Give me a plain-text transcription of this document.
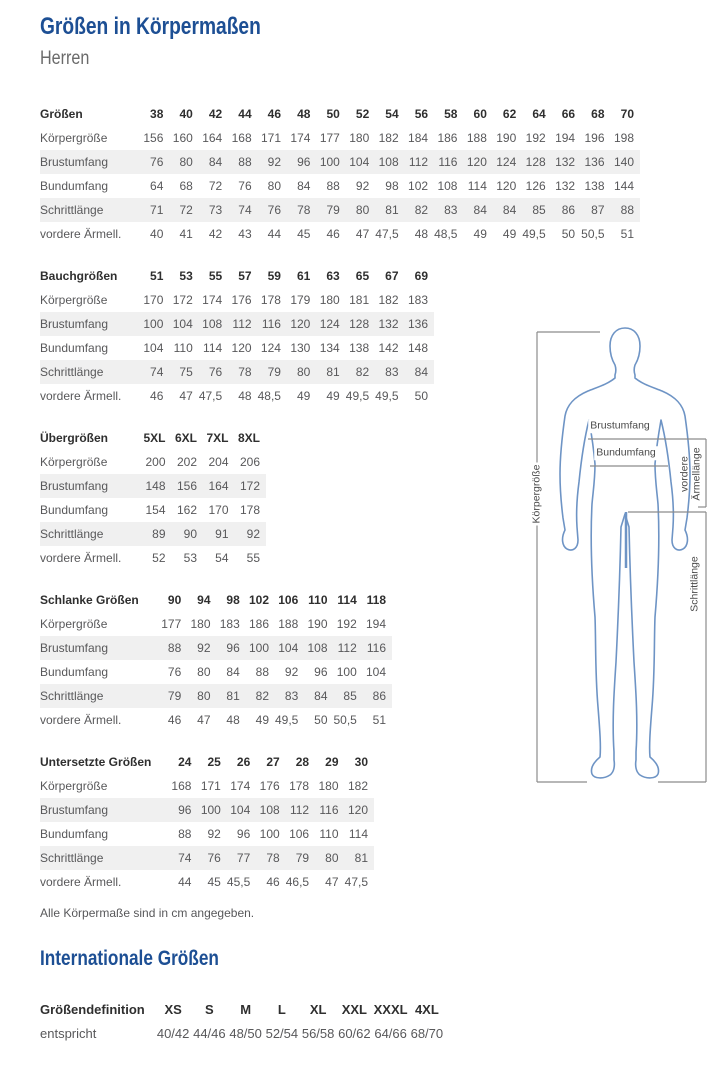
Größen in Körpermaßen
Herren
Größen	38	40	42	44	46	48	50	52	54	56	58	60	62	64	66	68	70
Körpergröße	156	160	164	168	171	174	177	180	182	184	186	188	190	192	194	196	198
Brustumfang	76	80	84	88	92	96	100	104	108	112	116	120	124	128	132	136	140
Bundumfang	64	68	72	76	80	84	88	92	98	102	108	114	120	126	132	138	144
Schrittlänge	71	72	73	74	76	78	79	80	81	82	83	84	84	85	86	87	88
vordere Ärmell.	40	41	42	43	44	45	46	47	47,5	48	48,5	49	49	49,5	50	50,5	51
Bauchgrößen	51	53	55	57	59	61	63	65	67	69
Körpergröße	170	172	174	176	178	179	180	181	182	183
Brustumfang	100	104	108	112	116	120	124	128	132	136
Bundumfang	104	110	114	120	124	130	134	138	142	148
Schrittlänge	74	75	76	78	79	80	81	82	83	84
vordere Ärmell.	46	47	47,5	48	48,5	49	49	49,5	49,5	50
Übergrößen	5XL	6XL	7XL	8XL
Körpergröße	200	202	204	206
Brustumfang	148	156	164	172
Bundumfang	154	162	170	178
Schrittlänge	89	90	91	92
vordere Ärmell.	52	53	54	55
Schlanke Größen	90	94	98	102	106	110	114	118
Körpergröße	177	180	183	186	188	190	192	194
Brustumfang	88	92	96	100	104	108	112	116
Bundumfang	76	80	84	88	92	96	100	104
Schrittlänge	79	80	81	82	83	84	85	86
vordere Ärmell.	46	47	48	49	49,5	50	50,5	51
Untersetzte Größen	24	25	26	27	28	29	30
Körpergröße	168	171	174	176	178	180	182
Brustumfang	96	100	104	108	112	116	120
Bundumfang	88	92	96	100	106	110	114
Schrittlänge	74	76	77	78	79	80	81
vordere Ärmell.	44	45	45,5	46	46,5	47	47,5
Alle Körpermaße sind in cm angegeben.
Internationale Größen
Größendefinition	XS	S	M	L	XL	XXL	XXXL	4XL
entspricht	40/42	44/46	48/50	52/54	56/58	60/62	64/66	68/70
Körpergröße
Brustumfang
Bundumfang
vordere
Ärmellänge
Schrittlänge
